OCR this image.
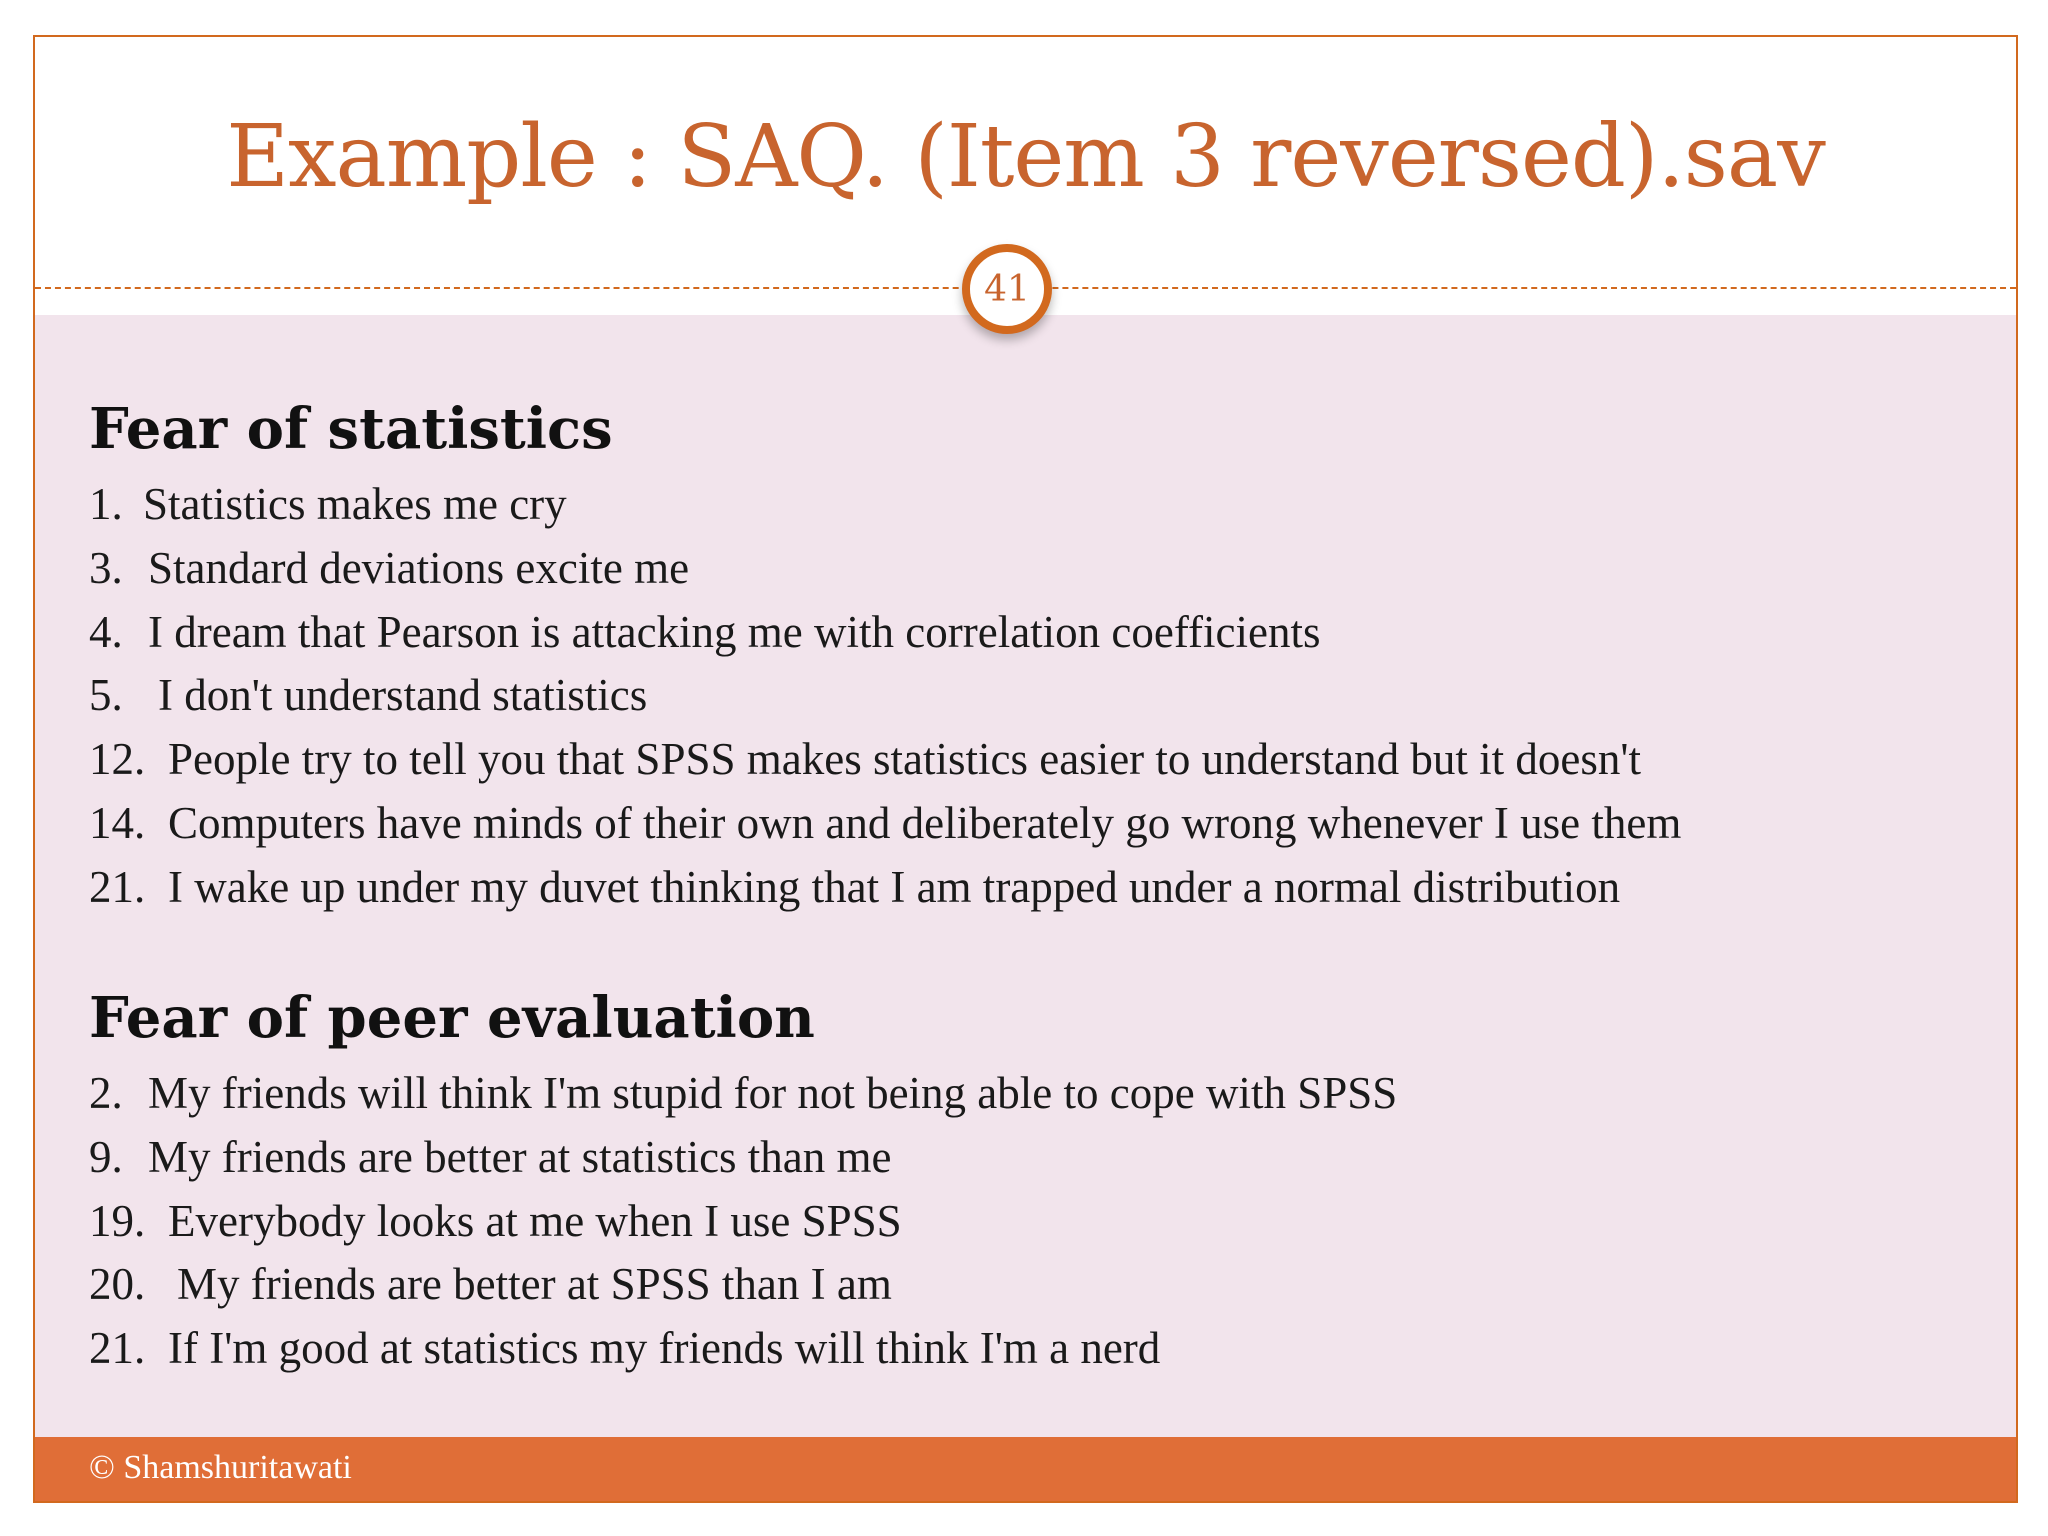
Example : SAQ. (Item 3 reversed).sav
Fear of statistics
1. Statistics makes me cry
3. Standard deviations excite me
4. I dream that Pearson is attacking me with correlation coefficients
5. I don't understand statistics
12. People try to tell you that SPSS makes statistics easier to understand but it doesn't
14. Computers have minds of their own and deliberately go wrong whenever I use them
21. I wake up under my duvet thinking that I am trapped under a normal distribution
Fear of peer evaluation
2. My friends will think I'm stupid for not being able to cope with SPSS
9. My friends are better at statistics than me
19. Everybody looks at me when I use SPSS
20. My friends are better at SPSS than I am
21. If I'm good at statistics my friends will think I'm a nerd
41
© Shamshuritawati
